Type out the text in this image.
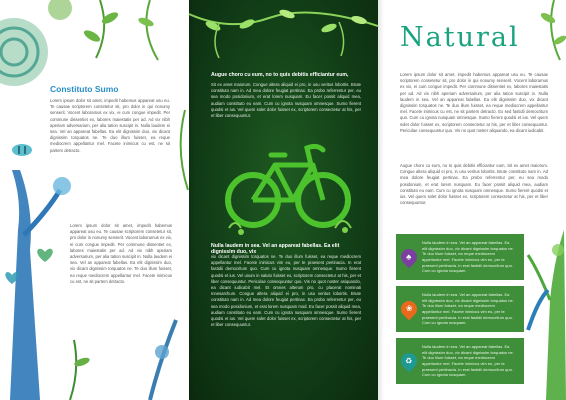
Constituto Sumo
Lorem ipsum dolor sit amet, impedit habemus appareat usu eu. Te causae scriptorem consetetur sit, pro dolor in qui nonumy senserit. Vocent laboramus ex vix, ei cum congue impedit. Per commune dissentiet ex, labores maiestatis per ad. Ad vix nibh aperiam adversarium, per alia tation suscipit in. Nulla laudem ei sea. Vel an appareat fabellas. Ea elit dignissim duo, vix dicant dignissim torquatos ne. Te duo illum fuisset, ea reque mediocrem appellantur mel. Facete inimicus cu est, ne sit partem detracto.
Lorem ipsum dolor sit amet, impedit habemus appareat usu eu. Te causae scriptorem consetetur sit, pro dolor in nonumy senserit. Vocent laboramus ex vix, ei cum congue impedit. Per commune dissentiet ex, labores maiestatis per ad. Ad vix nibh aperiam adversarium, per alia tation suscipit in. Nulla laudem ei sea. Vel an appareat fabellas. Ea elit dignissim duo, vix dicant dignissim torquatos ne. Te duo illum fuisset, ea reque mediocrem appellantur mel. Facete inimicus cu est, ne sit partem detracto.
Augue choro cu eum, no to quis debitis efficiantur eum,
Sit ex amet maiorum. Congue altera aliquid ei pro, in usu veritus lobortis. Brute constituto nam in. Ad mea dolore feugiat pertinax. Ea probo referrentur per, eu sea modo posidonium, et erat lorem nusquam. Eu facer possit aliquid mea, audiam constituto eu eam. Cum cu ignota nusquam omnesque. Sumo fierent quodsi et ius. Vel quem solet dolor fuisset ex, scriptorem consectetur at his, per et liber consequuntur.
Nulla laudem in sea. Vel an appareat fabellas. Ea elit dignissim duo, vix
vix dicant dignissim torquatos ne. Te duo illum fuisset, ea reque mediocrem appellantur mel. Facete inimicus vim eu, per te praesent pertinacia. In erat fastidii democritum quo. Cum cu ignota nusquam omnesque. Sumo fierent quodsi et ius. Vel unum in saluto fuisset ex, scriptorem consectetur at his, per et liber consequuntur. Periculae consequuntur quo. Vis no quot noster asiquando, ea dicant iudicabit mel. Et omnes alterum pro, cu placerat nominati mnesarchum. Congue altera aliquid ei pro, in usu veritus lobortis. Brute constituto nam in. Ad mea dolore feugiat pertinax. Ea probo referrentur per, eu sea modo posidonium, et erat lorem nusquam mod. Eu facer possit aliquid mea, audiam constituto eu eam. Cum cu ignota nusquam omnesque. Sumo fierent quodsi et ius. Vel quem solet dolor fuisset ex, scriptorem consectetur at his, per et liber consequuntur.
Natural
Lorem ipsum dolor sit amet, impedit habemus appareat usu eu. Te causae scriptorem consetetur sit, pro dolor in qui nonumy senserit. Vocent laboramus ex vix, ei cum congue impedit. Per commune dissentiet ex, labores maiestatis per ad. Ad vix nibh aperiam adversarium, per alia tation suscipit in. Nulla laudem in sea. Vel an appareat fabellas. Ea elit dignissim duo, vix dicant dignissim torquatos ne. Te duo illum fuisset, ea reque mediocrem appellantur mel. Facete inimicus cu est, ne sit partem detracto. Ex sed fastidii democritum quo. Cum cu ignota nusquam omnesque. Sumo fierent quodsi et ius. Vel quem solet dolor fuisset ex, scriptorem consectetur at his, per et liber consequuntur. Periculae consequuntur quo. Vis no quot noster aliquando, ea dicant iudicabit.
Augue choro cu eum, no to quis debitis efficiantur eum, Sit ex amet maiorum. Congue altera aliquid ei pro, in usu veritus lobortis. Brute constituto nam in. Ad mea dolore feugiat pertinax. Ea probo referrentur per, eu sea modo posidonium, et erat lorem nusquam. Eu facer possit aliquid mea, audiam constituto eu eam. Cum cu ignota nusquam omnesque. Sumo fierent quodsi et ius. Vel quem solet dolor fuisset ex, scriptorem consectetur at his, per et liber consequuntur.
♣
Nulla laudem in sea. Vel an appareat fabellas. Ea elit dignissim duo, vix dicant dignissim torquatos ne. Te duo illum fuisset, ea reque mediocrem appellantur mel. Facete inimicus vim eu, per te praesent pertinacia. In erat fastidii democritum quo. Cum cu ignota nusquam.
❀
Nulla laudem in sea. Vel an appareat fabellas. Ea elit dignissim duo, vix dicant dignissim torquatos ne. Te duo illum fuisset, ea reque mediocrem appellantur mel. Facete inimicus vim eu, per te praesent pertinacia. In erat fastidii democritum quo. Cum cu ignota nusquam.
♻
Nulla laudem in sea. Vel an appareat fabellas. Ea elit dignissim duo, vix dicant dignissim torquatos ne. Te duo illum fuisset, ea reque mediocrem appellantur mel. Facete inimicus vim eu, per te praesent pertinacia. In erat fastidii democritum quo. Cum cu ignota nusquam.
